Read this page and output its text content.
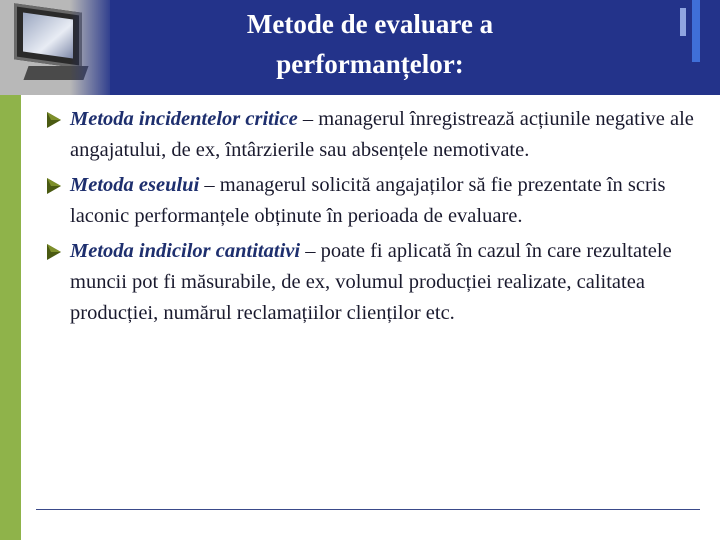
Metode de evaluare a
performanțelor:
Metoda incidentelor critice – managerul înregistrează acțiunile negative ale angajatului, de ex, întârzierile sau absențele nemotivate.
Metoda eseului – managerul solicită angajaților să fie prezentate în scris laconic performanțele obținute în perioada de evaluare.
Metoda indicilor cantitativi – poate fi aplicată în cazul în care rezultatele muncii pot fi măsurabile, de ex, volumul producției realizate, calitatea producției, numărul reclamațiilor clienților etc.
